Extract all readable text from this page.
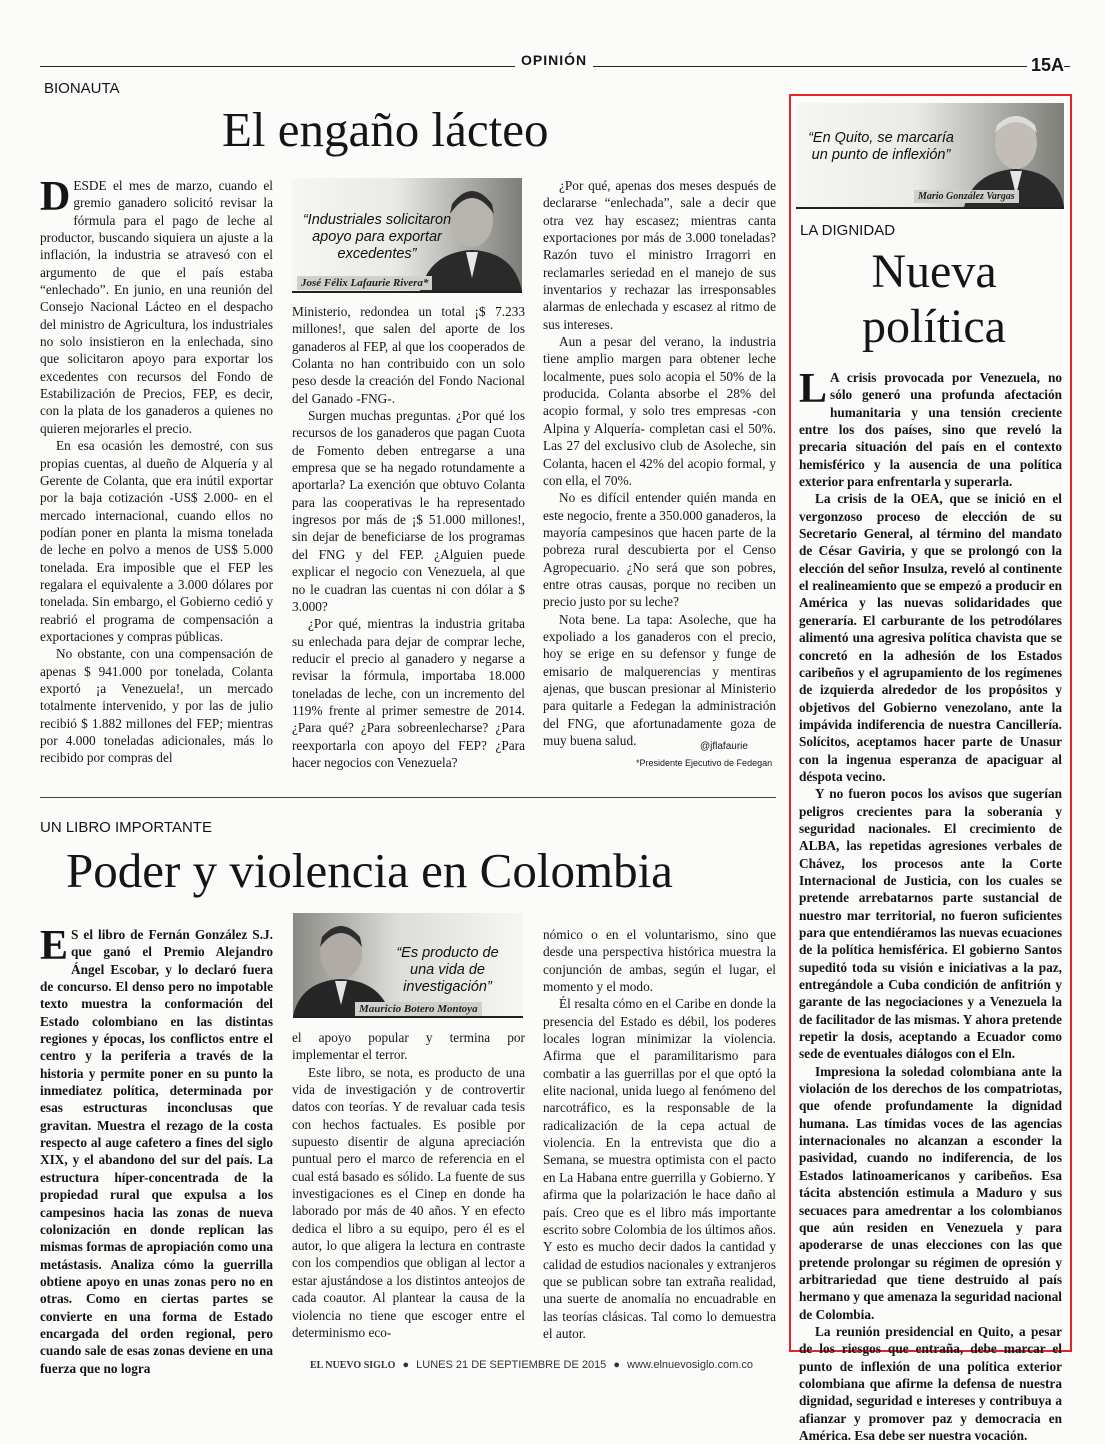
OPINIÓN	15A
BIONAUTA
El engaño lácteo
D ESDE el mes de marzo, cuando el gremio ganadero solicitó revisar la fórmula para el pago de leche al productor, buscando siquiera un ajuste a la inflación, la industria se atravesó con el argumento de que el país estaba “enlechado”. En junio, en una reunión del Consejo Nacional Lácteo en el despacho del ministro de Agricultura, los industriales no solo insistieron en la enlechada, sino que solicitaron apoyo para exportar los excedentes con recursos del Fondo de Estabilización de Precios, FEP, es decir, con la plata de los ganaderos a quienes no quieren mejorarles el precio.

En esa ocasión les demostré, con sus propias cuentas, al dueño de Alquería y al Gerente de Colanta, que era inútil exportar por la baja cotización -US$ 2.000- en el mercado internacional, cuando ellos no podían poner en planta la misma tonelada de leche en polvo a menos de US$ 5.000 tonelada. Era imposible que el FEP les regalara el equivalente a 3.000 dólares por tonelada. Sin embargo, el Gobierno cedió y reabrió el programa de compensación a exportaciones y compras públicas.

No obstante, con una compensación de apenas $ 941.000 por tonelada, Colanta exportó ¡a Venezuela!, un mercado totalmente intervenido, y por las de julio recibió $ 1.882 millones del FEP; mientras por 4.000 toneladas adicionales, más lo recibido por compras del

“Industriales solicitaron apoyo para exportar excedentes”
José Félix Lafaurie Rivera*

Ministerio, redondea un total ¡$ 7.233 millones!, que salen del aporte de los ganaderos al FEP, al que los cooperados de Colanta no han contribuido con un solo peso desde la creación del Fondo Nacional del Ganado -FNG-.

Surgen muchas preguntas. ¿Por qué los recursos de los ganaderos que pagan Cuota de Fomento deben entregarse a una empresa que se ha negado rotundamente a aportarla? La exención que obtuvo Colanta para las cooperativas le ha representado ingresos por más de ¡$ 51.000 millones!, sin dejar de beneficiarse de los programas del FNG y del FEP. ¿Alguien puede explicar el negocio con Venezuela, al que no le cuadran las cuentas ni con dólar a $ 3.000?

¿Por qué, mientras la industria gritaba su enlechada para dejar de comprar leche, reducir el precio al ganadero y negarse a revisar la fórmula, importaba 18.000 toneladas de leche, con un incremento del 119% frente al primer semestre de 2014. ¿Para qué? ¿Para sobreenlecharse? ¿Para reexportarla con apoyo del FEP? ¿Para hacer negocios con Venezuela?

¿Por qué, apenas dos meses después de declararse “enlechada”, sale a decir que otra vez hay escasez; mientras canta exportaciones por más de 3.000 toneladas? Razón tuvo el ministro Irragorri en reclamarles seriedad en el manejo de sus inventarios y rechazar las irresponsables alarmas de enlechada y escasez al ritmo de sus intereses.

Aun a pesar del verano, la industria tiene amplio margen para obtener leche localmente, pues solo acopia el 50% de la producida. Colanta absorbe el 28% del acopio formal, y solo tres empresas -con Alpina y Alquería- completan casi el 50%. Las 27 del exclusivo club de Asoleche, sin Colanta, hacen el 42% del acopio formal, y con ella, el 70%.

No es difícil entender quién manda en este negocio, frente a 350.000 ganaderos, la mayoría campesinos que hacen parte de la pobreza rural descubierta por el Censo Agropecuario. ¿No será que son pobres, entre otras causas, porque no reciben un precio justo por su leche?

Nota bene. La tapa: Asoleche, que ha expoliado a los ganaderos con el precio, hoy se erige en su defensor y funge de emisario de malquerencias y mentiras ajenas, que buscan presionar al Ministerio para quitarle a Fedegan la administración del FNG, que afortunadamente goza de muy buena salud.	@jflafaurie
*Presidente Ejecutivo de Fedegan
UN LIBRO IMPORTANTE
Poder y violencia en Colombia
E S el libro de Fernán González S.J. que ganó el Premio Alejandro Ángel Escobar, y lo declaró fuera de concurso. El denso pero no impotable texto muestra la conformación del Estado colombiano en las distintas regiones y épocas, los conflictos entre el centro y la periferia a través de la historia y permite poner en su punto la inmediatez política, determinada por esas estructuras inconclusas que gravitan. Muestra el rezago de la costa respecto al auge cafetero a fines del siglo XIX, y el abandono del sur del país. La estructura híper-concentrada de la propiedad rural que expulsa a los campesinos hacia las zonas de nueva colonización en donde replican las mismas formas de apropiación como una metástasis. Analiza cómo la guerrilla obtiene apoyo en unas zonas pero no en otras. Como en ciertas partes se convierte en una forma de Estado encargada del orden regional, pero cuando sale de esas zonas deviene en una fuerza que no logra

“Es producto de una vida de investigación”
Mauricio Botero Montoya

el apoyo popular y termina por implementar el terror.

Este libro, se nota, es producto de una vida de investigación y de controvertir datos con teorías. Y de revaluar cada tesis con hechos factuales. Es posible por supuesto disentir de alguna apreciación puntual pero el marco de referencia en el cual está basado es sólido. La fuente de sus investigaciones es el Cinep en donde ha laborado por más de 40 años. Y en efecto dedica el libro a su equipo, pero él es el autor, lo que aligera la lectura en contraste con los compendios que obligan al lector a estar ajustándose a los distintos anteojos de cada coautor. Al plantear la causa de la violencia no tiene que escoger entre el determinismo eco-

nómico o en el voluntarismo, sino que desde una perspectiva histórica muestra la conjunción de ambas, según el lugar, el momento y el modo.

Él resalta cómo en el Caribe en donde la presencia del Estado es débil, los poderes locales logran minimizar la violencia. Afirma que el paramilitarismo para combatir a las guerrillas por el que optó la elite nacional, unida luego al fenómeno del narcotráfico, es la responsable de la radicalización de la cepa actual de violencia. En la entrevista que dio a Semana, se muestra optimista con el pacto en La Habana entre guerrilla y Gobierno. Y afirma que la polarización le hace daño al país. Creo que es el libro más importante escrito sobre Colombia de los últimos años. Y esto es mucho decir dados la cantidad y calidad de estudios nacionales y extranjeros que se publican sobre tan extraña realidad, una suerte de anomalía no encuadrable en las teorías clásicas. Tal como lo demuestra el autor.

“En Quito, se marcaría un punto de inflexión”
Mario González Vargas
LA DIGNIDAD
Nueva
política
L A crisis provocada por Venezuela, no sólo generó una profunda afectación humanitaria y una tensión creciente entre los dos países, sino que reveló la precaria situación del país en el contexto hemisférico y la ausencia de una política exterior para enfrentarla y superarla.

La crisis de la OEA, que se inició en el vergonzoso proceso de elección de su Secretario General, al término del mandato de César Gaviria, y que se prolongó con la elección del señor Insulza, reveló al continente el realineamiento que se empezó a producir en América y las nuevas solidaridades que generaría. El carburante de los petrodólares alimentó una agresiva política chavista que se concretó en la adhesión de los Estados caribeños y el agrupamiento de los regímenes de izquierda alrededor de los propósitos y objetivos del Gobierno venezolano, ante la impávida indiferencia de nuestra Cancillería. Solícitos, aceptamos hacer parte de Unasur con la ingenua esperanza de apaciguar al déspota vecino.

Y no fueron pocos los avisos que sugerían peligros crecientes para la soberanía y seguridad nacionales. El crecimiento de ALBA, las repetidas agresiones verbales de Chávez, los procesos ante la Corte Internacional de Justicia, con los cuales se pretende arrebatarnos parte sustancial de nuestro mar territorial, no fueron suficientes para que entendiéramos las nuevas ecuaciones de la política hemisférica. El gobierno Santos supeditó toda su visión e iniciativas a la paz, entregándole a Cuba condición de anfitrión y garante de las negociaciones y a Venezuela la de facilitador de las mismas. Y ahora pretende repetir la dosis, aceptando a Ecuador como sede de eventuales diálogos con el Eln.

Impresiona la soledad colombiana ante la violación de los derechos de los compatriotas, que ofende profundamente la dignidad humana. Las tímidas voces de las agencias internacionales no alcanzan a esconder la pasividad, cuando no indiferencia, de los Estados latinoamericanos y caribeños. Esa tácita abstención estimula a Maduro y sus secuaces para amedrentar a los colombianos que aún residen en Venezuela y para apoderarse de unas elecciones con las que pretende prolongar su régimen de opresión y arbitrariedad que tiene destruido al país hermano y que amenaza la seguridad nacional de Colombia.

La reunión presidencial en Quito, a pesar de los riesgos que entraña, debe marcar el punto de inflexión de una política exterior colombiana que afirme la defensa de nuestra dignidad, seguridad e intereses y contribuya a afianzar y promover paz y democracia en América. Esa debe ser nuestra vocación.

EL NUEVO SIGLO ● LUNES 21 DE SEPTIEMBRE DE 2015 ● www.elnuevosiglo.com.co
